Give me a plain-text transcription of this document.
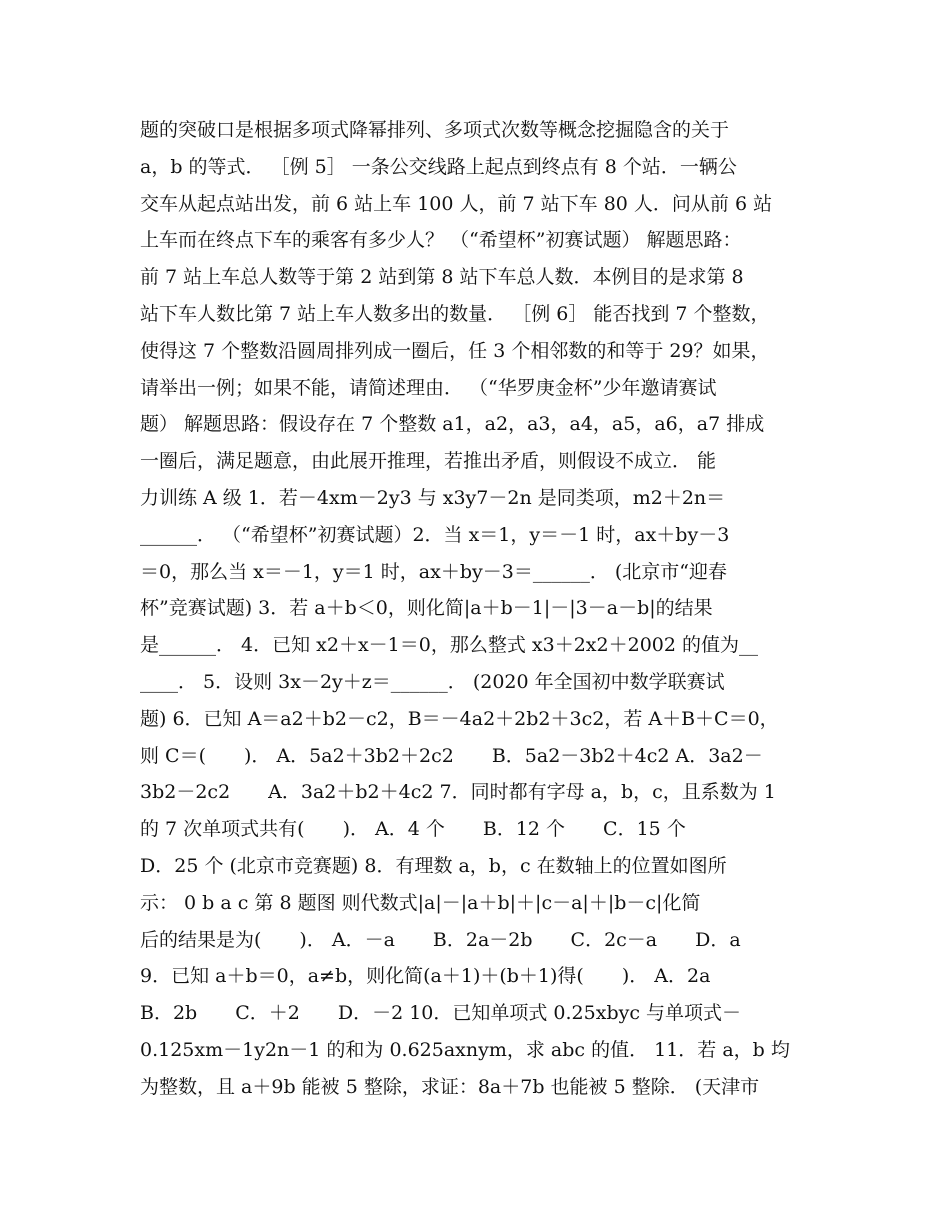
题的突破口是根据多项式降幂排列、多项式次数等概念挖掘隐含的关于
a，b 的等式． ［例 5］ 一条公交线路上起点到终点有 8 个站．一辆公
交车从起点站出发，前 6 站上车 100 人，前 7 站下车 80 人．问从前 6 站
上车而在终点下车的乘客有多少人？ （“希望杯”初赛试题） 解题思路：
前 7 站上车总人数等于第 2 站到第 8 站下车总人数．本例目的是求第 8
站下车人数比第 7 站上车人数多出的数量． ［例 6］ 能否找到 7 个整数，
使得这 7 个整数沿圆周排列成一圈后，任 3 个相邻数的和等于 29？如果，
请举出一例；如果不能，请简述理由． （“华罗庚金杯”少年邀请赛试
题） 解题思路：假设存在 7 个整数 a1，a2，a3，a4，a5，a6，a7 排成
一圈后，满足题意，由此展开推理，若推出矛盾，则假设不成立． 能
力训练 A 级 1．若－4xm－2y3 与 x3y7－2n 是同类项，m2＋2n＝
______． （“希望杯”初赛试题）2．当 x＝1，y＝－1 时，ax＋by－3
＝0，那么当 x＝－1，y＝1 时，ax＋by－3＝______． (北京市“迎春
杯”竞赛试题) 3．若 a＋b＜0，则化简|a＋b－1|－|3－a－b|的结果
是______． 4．已知 x2＋x－1＝0，那么整式 x3＋2x2＋2002 的值为__
____． 5．设则 3x－2y＋z＝______． (2020 年全国初中数学联赛试
题) 6．已知 A＝a2＋b2－c2，B＝－4a2＋2b2＋3c2，若 A＋B＋C＝0，
则 C＝(　　)． A．5a2＋3b2＋2c2　　B．5a2－3b2＋4c2 A．3a2－
3b2－2c2　　A．3a2＋b2＋4c2 7．同时都有字母 a，b，c，且系数为 1
的 7 次单项式共有(　　)． A．4 个　　B．12 个　　C．15 个
D．25 个 (北京市竞赛题) 8．有理数 a，b，c 在数轴上的位置如图所
示： 0 b a c 第 8 题图 则代数式|a|－|a＋b|＋|c－a|＋|b－c|化简
后的结果是为(　　)． A．－a　　B．2a－2b　　C．2c－a　　D．a
9．已知 a＋b＝0，a≠b，则化简(a＋1)＋(b＋1)得(　　)． A．2a
B．2b　　C．＋2　　D．－2 10．已知单项式 0.25xbyc 与单项式－
0.125xm－1y2n－1 的和为 0.625axnym，求 abc 的值． 11．若 a，b 均
为整数，且 a＋9b 能被 5 整除，求证：8a＋7b 也能被 5 整除． (天津市
